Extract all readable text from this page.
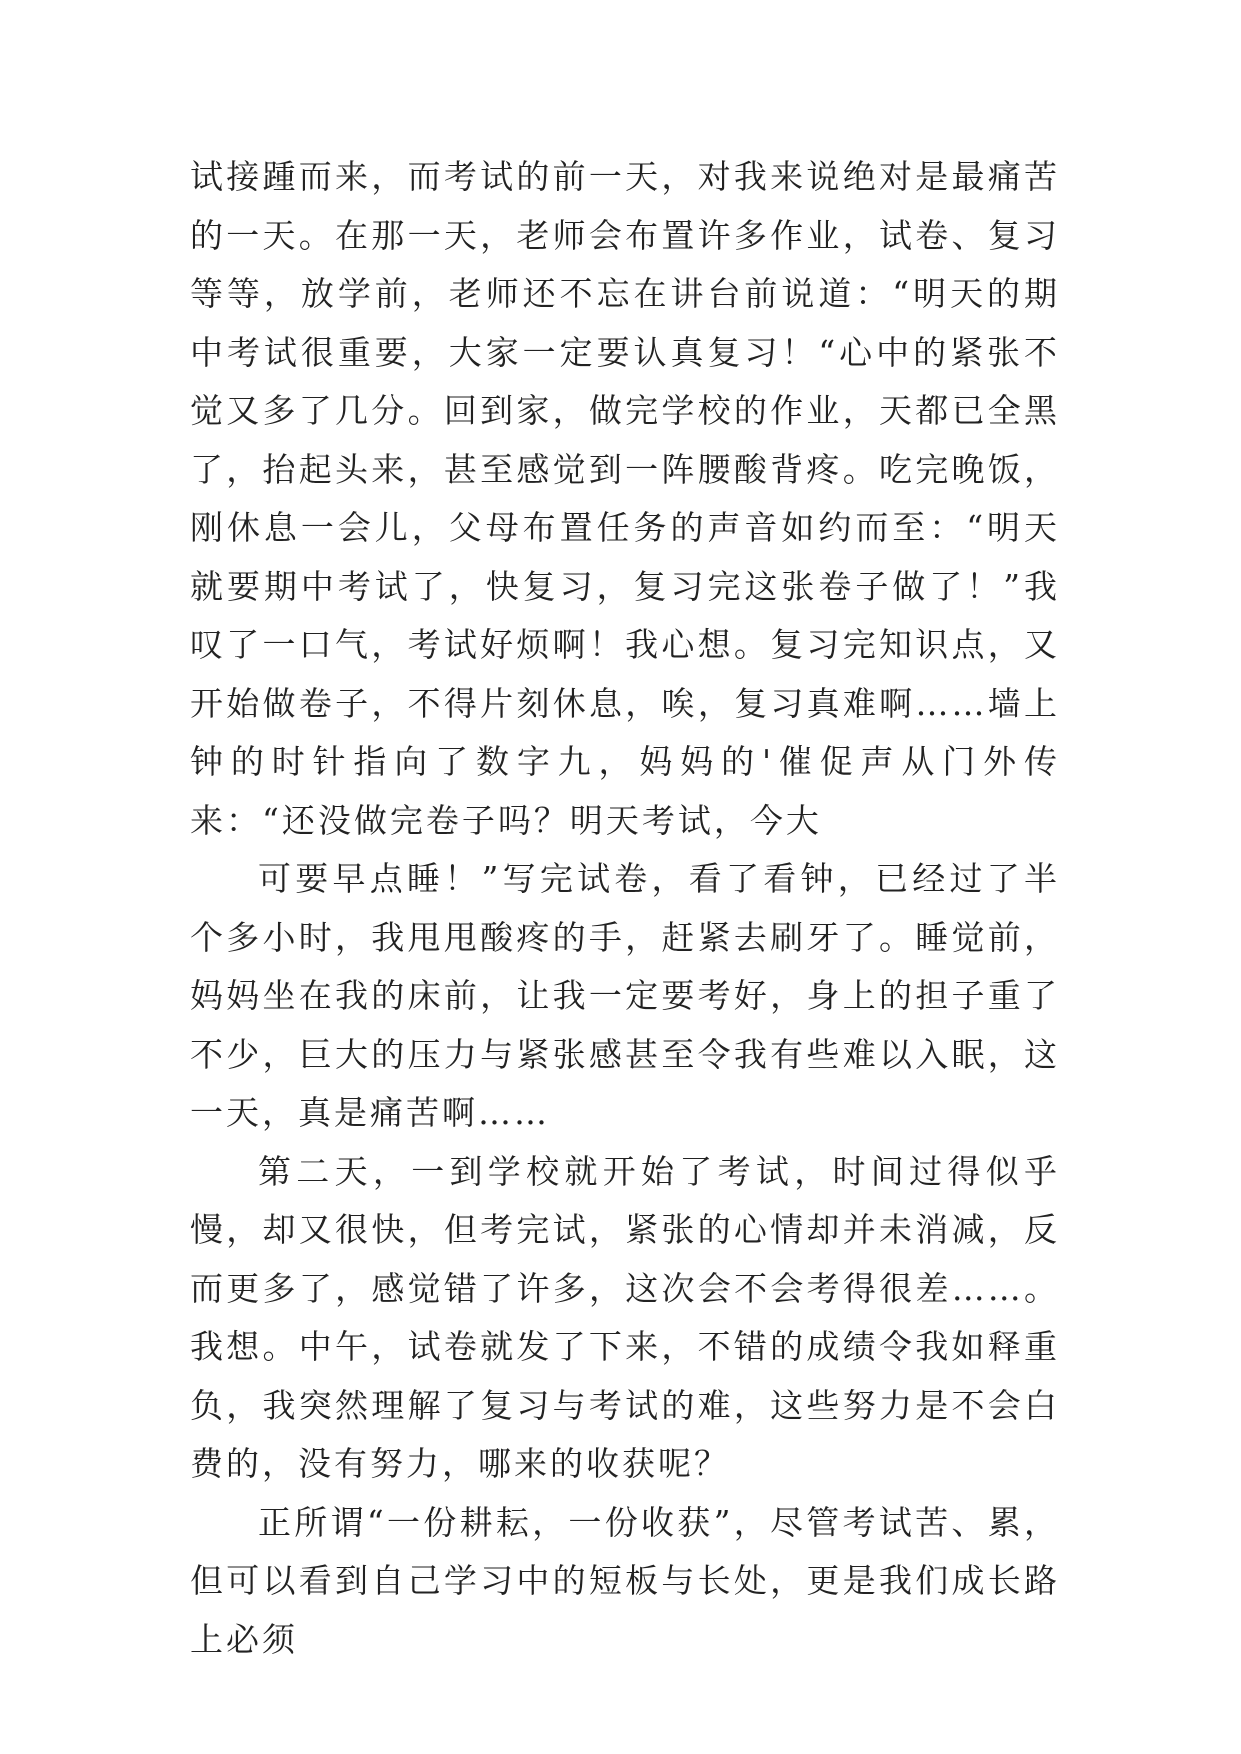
试接踵而来，而考试的前一天，对我来说绝对是最痛苦的一天。在那一天，老师会布置许多作业，试卷、复习等等，放学前，老师还不忘在讲台前说道：“明天的期中考试很重要，大家一定要认真复习！“心中的紧张不觉又多了几分。回到家，做完学校的作业，天都已全黑了，抬起头来，甚至感觉到一阵腰酸背疼。吃完晚饭，刚休息一会儿，父母布置任务的声音如约而至：“明天就要期中考试了，快复习，复习完这张卷子做了！”我叹了一口气，考试好烦啊！我心想。复习完知识点，又开始做卷子，不得片刻休息，唉，复习真难啊……墙上钟的时针指向了数字九，妈妈的'催促声从门外传来：“还没做完卷子吗？明天考试，今大

可要早点睡！”写完试卷，看了看钟，已经过了半个多小时，我甩甩酸疼的手，赶紧去刷牙了。睡觉前，妈妈坐在我的床前，让我一定要考好，身上的担子重了不少，巨大的压力与紧张感甚至令我有些难以入眠，这一天，真是痛苦啊……

第二天，一到学校就开始了考试，时间过得似乎慢，却又很快，但考完试，紧张的心情却并未消减，反而更多了，感觉错了许多，这次会不会考得很差……。我想。中午，试卷就发了下来，不错的成绩令我如释重负，我突然理解了复习与考试的难，这些努力是不会白费的，没有努力，哪来的收获呢？

正所谓“一份耕耘，一份收获”，尽管考试苦、累，但可以看到自己学习中的短板与长处，更是我们成长路上必须
